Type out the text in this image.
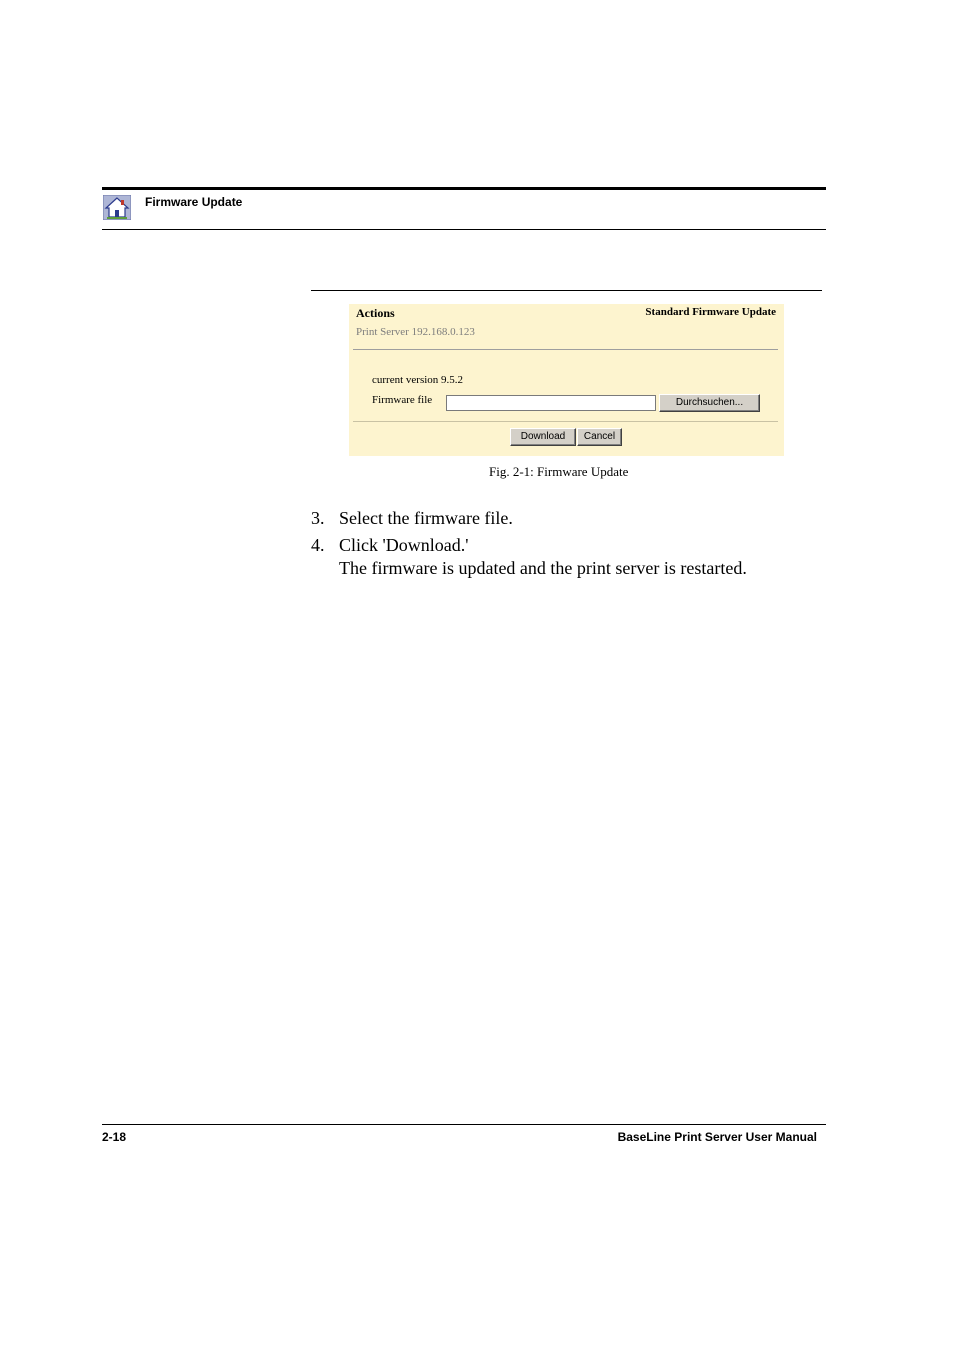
Firmware Update
Actions	Standard Firmware Update
Print Server 192.168.0.123
current version 9.5.2
Firmware file	Durchsuchen...
Download	Cancel
Fig. 2-1: Firmware Update
3. Select the firmware file.
4. Click 'Download.'
The firmware is updated and the print server is restarted.
2-18	BaseLine Print Server User Manual
